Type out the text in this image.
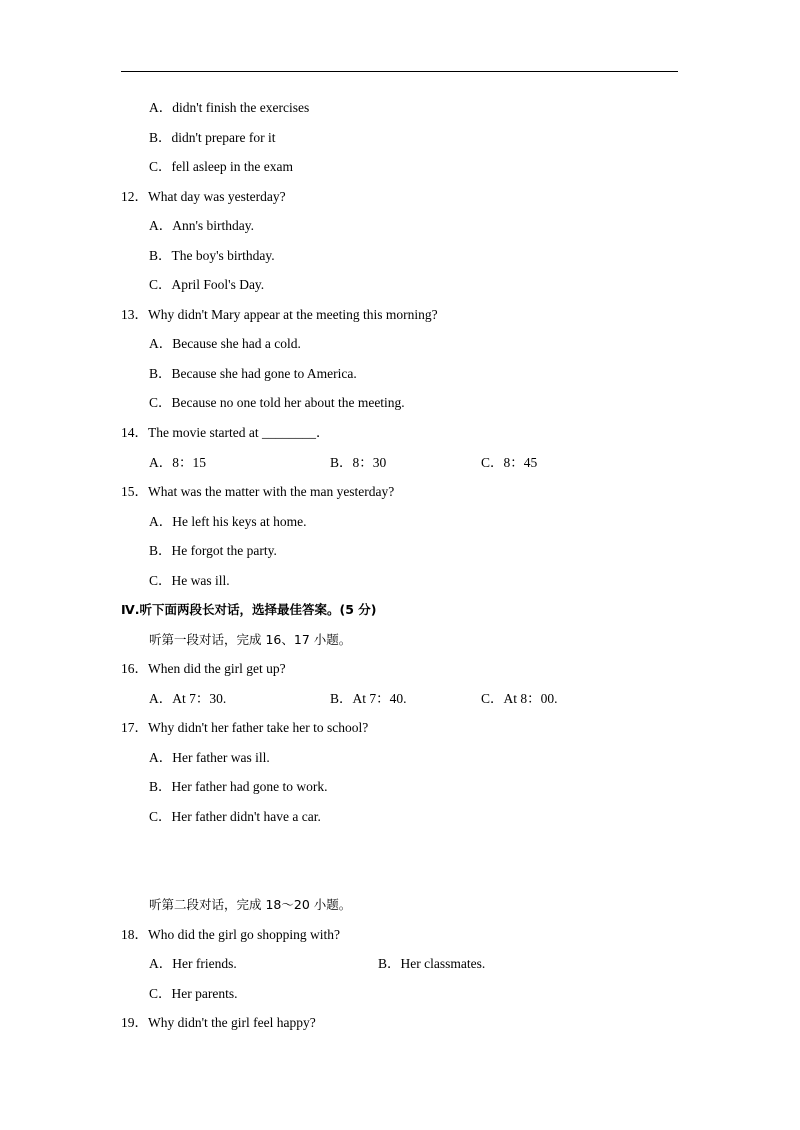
A．didn't finish the exercises
B．didn't prepare for it
C．fell asleep in the exam
12．What day was yesterday?
A．Ann's birthday.
B．The boy's birthday.
C．April Fool's Day.
13．Why didn't Mary appear at the meeting this morning?
A．Because she had a cold.
B．Because she had gone to America.
C．Because no one told her about the meeting.
14．The movie started at ________．
A．8：15	B．8：30	C．8：45
15．What was the matter with the man yesterday?
A．He left his keys at home.
B．He forgot the party.
C．He was ill.
Ⅳ.听下面两段长对话，选择最佳答案。(5 分)
听第一段对话，完成 16、17 小题。
16．When did the girl get up?
A．At 7：30.	B．At 7：40.	C．At 8：00.
17．Why didn't her father take her to school?
A．Her father was ill.
B．Her father had gone to work.
C．Her father didn't have a car.
听第二段对话，完成 18～20 小题。
18．Who did the girl go shopping with?
A．Her friends.	B．Her classmates.
C．Her parents.
19．Why didn't the girl feel happy?
